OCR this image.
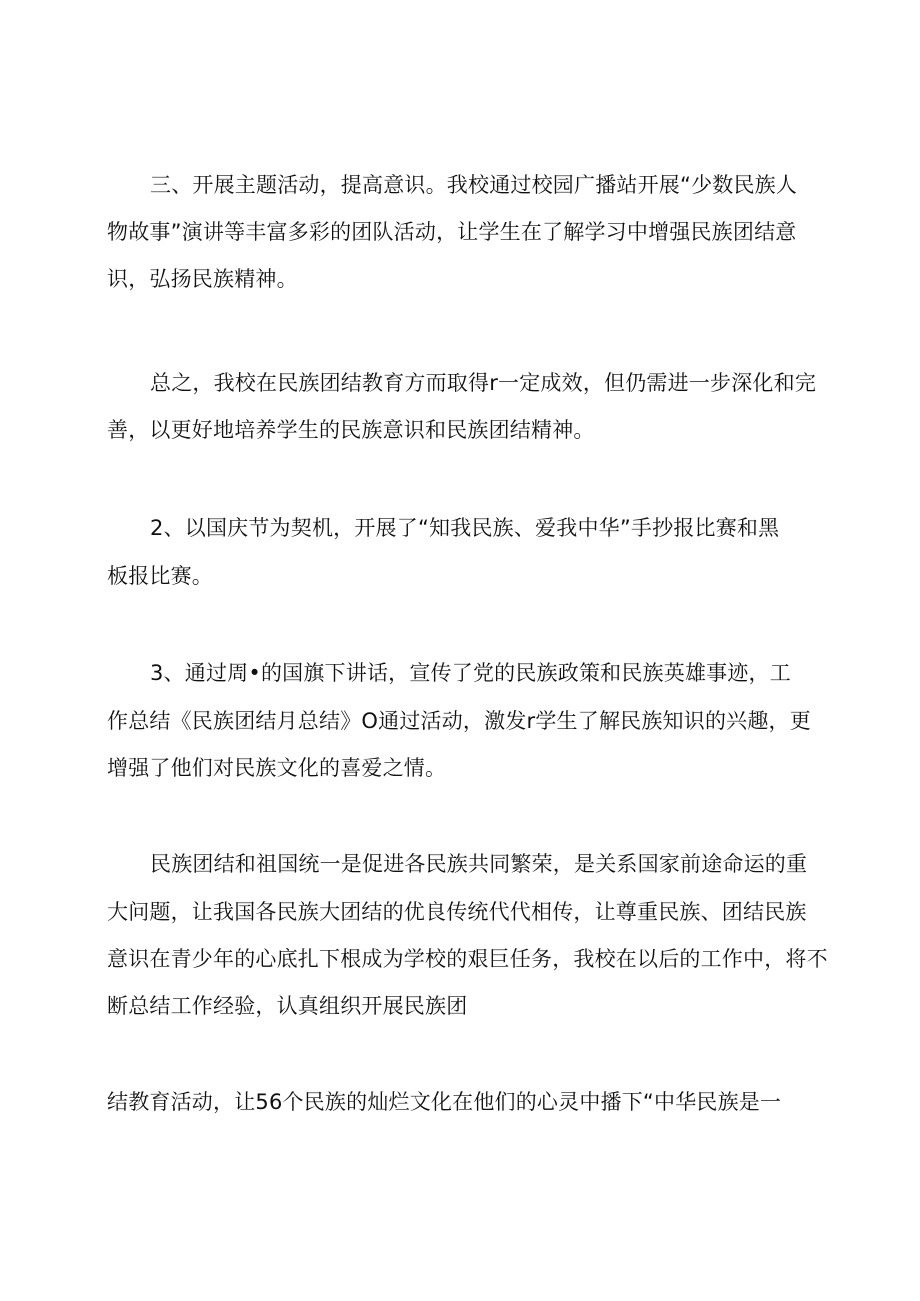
三、开展主题活动，提高意识。我校通过校园广播站开展“少数民族人
物故事”演讲等丰富多彩的团队活动，让学生在了解学习中增强民族团结意
识，弘扬民族精神。
总之，我校在民族团结教育方而取得r一定成效，但仍需进一步深化和完
善，以更好地培养学生的民族意识和民族团结精神。
2、以国庆节为契机，开展了“知我民族、爱我中华”手抄报比赛和黑
板报比赛。
3、通过周•的国旗下讲话，宣传了党的民族政策和民族英雄事迹，工
作总结《民族团结月总结》O通过活动，激发r学生了解民族知识的兴趣，更
增强了他们对民族文化的喜爱之情。
民族团结和祖国统一是促进各民族共同繁荣，是关系国家前途命运的重
大问题，让我国各民族大团结的优良传统代代相传，让尊重民族、团结民族
意识在青少年的心底扎下根成为学校的艰巨任务，我校在以后的工作中，将不
断总结工作经验，认真组织开展民族团
结教育活动，让56个民族的灿烂文化在他们的心灵中播下“中华民族是一
